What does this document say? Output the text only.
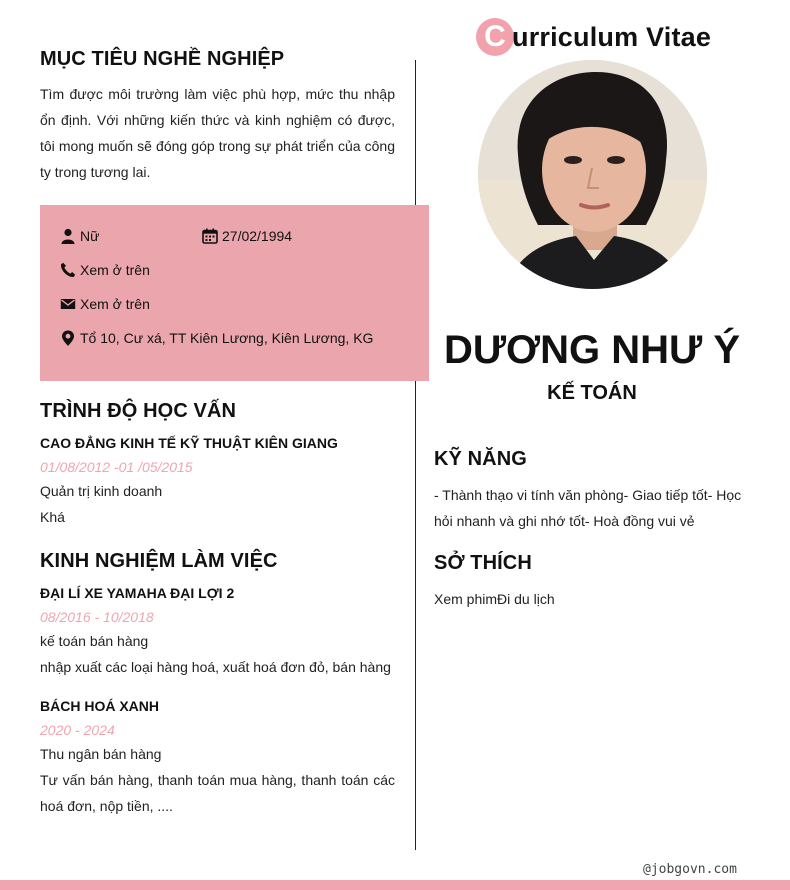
MỤC TIÊU NGHỀ NGHIỆP
Tìm được môi trường làm việc phù hợp, mức thu nhập ổn định. Với những kiến thức và kinh nghiệm có được, tôi mong muốn sẽ đóng góp trong sự phát triển của công ty trong tương lai.
Nữ	27/02/1994
Xem ở trên
Xem ở trên
Tổ 10, Cư xá, TT Kiên Lương, Kiên Lương, KG
TRÌNH ĐỘ HỌC VẤN
CAO ĐẲNG KINH TẾ KỸ THUẬT KIÊN GIANG
01/08/2012 -01 /05/2015
Quản trị kinh doanh
Khá
KINH NGHIỆM LÀM VIỆC
ĐẠI LÍ XE YAMAHA ĐẠI LỢI 2
08/2016 - 10/2018
kế toán bán hàng
nhập xuất các loại hàng hoá, xuất hoá đơn đỏ, bán hàng
BÁCH HOÁ XANH
2020 - 2024
Thu ngân bán hàng
Tư vấn bán hàng, thanh toán mua hàng, thanh toán các hoá đơn, nộp tiền, ....
C urriculum Vitae
DƯƠNG NHƯ Ý
KẾ TOÁN
KỸ NĂNG
- Thành thạo vi tính văn phòng- Giao tiếp tốt- Học hỏi nhanh và ghi nhớ tốt- Hoà đồng vui vẻ
SỞ THÍCH
Xem phimĐi du lịch
@jobgovn.com
